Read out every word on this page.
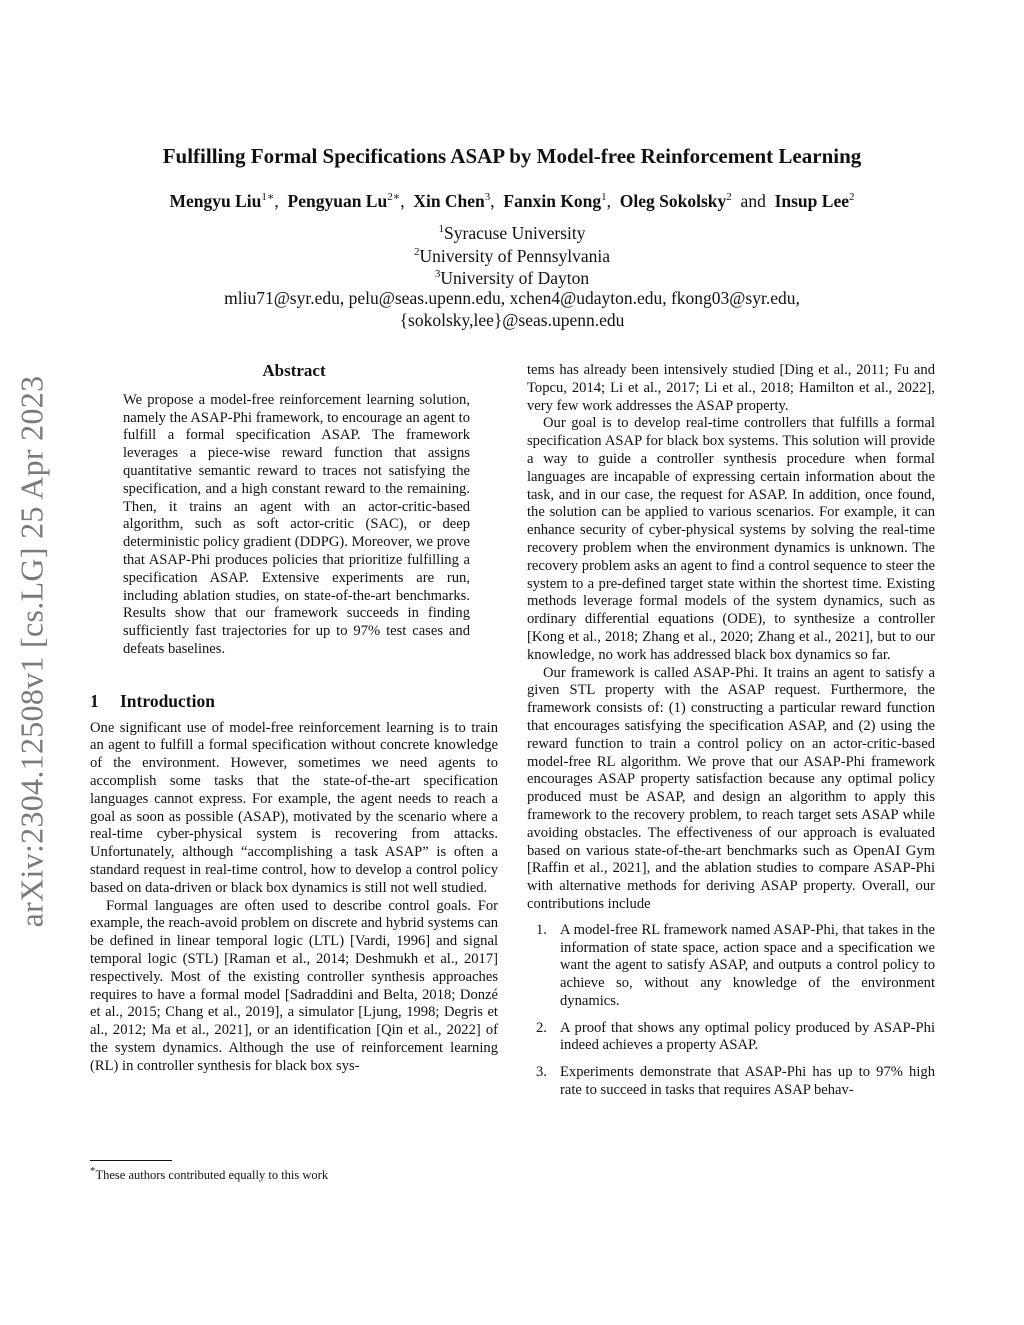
arXiv:2304.12508v1 [cs.LG] 25 Apr 2023
Fulfilling Formal Specifications ASAP by Model-free Reinforcement Learning
Mengyu Liu$^{1∗}$,  Pengyuan $Lu^{2∗}$,  Xin Chen$^3$,  Fanxin Kong$^1$,  Oleg Sokolsky$^2$ and Insup Lee$^2$
$^1$Syracuse University
$^2$University of Pennsylvania
$^3$University of Dayton
mliu71@syr.edu, pelu@seas.upenn.edu, xchen4@udayton.edu, fkong03@syr.edu,
{sokolsky,lee}@seas.upenn.edu
Abstract

We propose a model-free reinforcement learning solution, namely the ASAP-Phi framework, to encourage an agent to fulfill a formal specification ASAP. The framework leverages a piece-wise reward function that assigns quantitative semantic reward to traces not satisfying the specification, and a high constant reward to the remaining. Then, it trains an agent with an actor-critic-based algorithm, such as soft actor-critic (SAC), or deep deterministic policy gradient (DDPG). Moreover, we prove that ASAP-Phi produces policies that prioritize fulfilling a specification ASAP. Extensive experiments are run, including ablation studies, on state-of-the-art benchmarks. Results show that our framework succeeds in finding sufficiently fast trajectories for up to 97% test cases and defeats baselines.

1 Introduction

One significant use of model-free reinforcement learning is to train an agent to fulfill a formal specification without concrete knowledge of the environment. However, sometimes we need agents to accomplish some tasks that the state-of-the-art specification languages cannot express. For example, the agent needs to reach a goal as soon as possible (ASAP), motivated by the scenario where a real-time cyber-physical system is recovering from attacks. Unfortunately, although “accomplishing a task ASAP” is often a standard request in real-time control, how to develop a control policy based on data-driven or black box dynamics is still not well studied.

Formal languages are often used to describe control goals. For example, the reach-avoid problem on discrete and hybrid systems can be defined in linear temporal logic (LTL) [Vardi, 1996] and signal temporal logic (STL) [Raman et al., 2014; Deshmukh et al., 2017] respectively. Most of the existing controller synthesis approaches requires to have a formal model [Sadraddini and Belta, 2018; Donzé et al., 2015; Chang et al., 2019], a simulator [Ljung, 1998; Degris et al., 2012; Ma et al., 2021], or an identification [Qin et al., 2022] of the system dynamics. Although the use of reinforcement learning (RL) in controller synthesis for black box sys-

*These authors contributed equally to this work

tems has already been intensively studied [Ding et al., 2011; Fu and Topcu, 2014; Li et al., 2017; Li et al., 2018; Hamilton et al., 2022], very few work addresses the ASAP property.

Our goal is to develop real-time controllers that fulfills a formal specification ASAP for black box systems. This solution will provide a way to guide a controller synthesis procedure when formal languages are incapable of expressing certain information about the task, and in our case, the request for ASAP. In addition, once found, the solution can be applied to various scenarios. For example, it can enhance security of cyber-physical systems by solving the real-time recovery problem when the environment dynamics is unknown. The recovery problem asks an agent to find a control sequence to steer the system to a pre-defined target state within the shortest time. Existing methods leverage formal models of the system dynamics, such as ordinary differential equations (ODE), to synthesize a controller [Kong et al., 2018; Zhang et al., 2020; Zhang et al., 2021], but to our knowledge, no work has addressed black box dynamics so far.

Our framework is called ASAP-Phi. It trains an agent to satisfy a given STL property with the ASAP request. Furthermore, the framework consists of: (1) constructing a particular reward function that encourages satisfying the specification ASAP, and (2) using the reward function to train a control policy on an actor-critic-based model-free RL algorithm. We prove that our ASAP-Phi framework encourages ASAP property satisfaction because any optimal policy produced must be ASAP, and design an algorithm to apply this framework to the recovery problem, to reach target sets ASAP while avoiding obstacles. The effectiveness of our approach is evaluated based on various state-of-the-art benchmarks such as OpenAI Gym [Raffin et al., 2021], and the ablation studies to compare ASAP-Phi with alternative methods for deriving ASAP property. Overall, our contributions include

1. A model-free RL framework named ASAP-Phi, that takes in the information of state space, action space and a specification we want the agent to satisfy ASAP, and outputs a control policy to achieve so, without any knowledge of the environment dynamics.
2. A proof that shows any optimal policy produced by ASAP-Phi indeed achieves a property ASAP.
3. Experiments demonstrate that ASAP-Phi has up to 97% high rate to succeed in tasks that requires ASAP behav-
